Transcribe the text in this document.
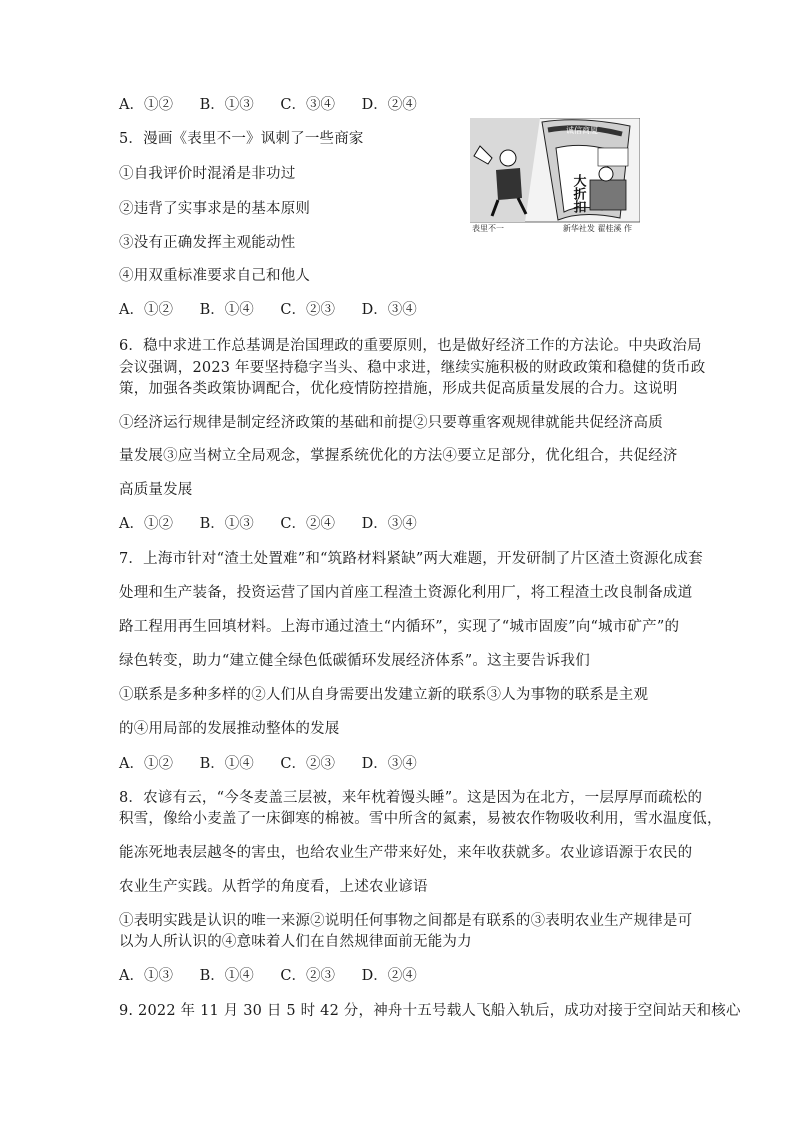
A．①② B．①③ C．③④ D．②④
5．漫画《表里不一》讽刺了一些商家
①自我评价时混淆是非功过
②违背了实事求是的基本原则
③没有正确发挥主观能动性
④用双重标准要求自己和他人
A．①② B．①④ C．②③ D．③④
诚信商厦
大折扣
表里不一	新华社发 翟桂溪 作
6．稳中求进工作总基调是治国理政的重要原则，也是做好经济工作的方法论。中央政治局
会议强调，2023 年要坚持稳字当头、稳中求进，继续实施积极的财政政策和稳健的货币政
策，加强各类政策协调配合，优化疫情防控措施，形成共促高质量发展的合力。这说明
①经济运行规律是制定经济政策的基础和前提②只要尊重客观规律就能共促经济高质
量发展③应当树立全局观念，掌握系统优化的方法④要立足部分，优化组合，共促经济
高质量发展
A．①② B．①③ C．②④ D．③④
7．上海市针对“渣土处置难”和“筑路材料紧缺”两大难题，开发研制了片区渣土资源化成套
处理和生产装备，投资运营了国内首座工程渣土资源化利用厂，将工程渣土改良制备成道
路工程用再生回填材料。上海市通过渣土“内循环”，实现了“城市固废”向“城市矿产”的
绿色转变，助力“建立健全绿色低碳循环发展经济体系”。这主要告诉我们
①联系是多种多样的②人们从自身需要出发建立新的联系③人为事物的联系是主观
的④用局部的发展推动整体的发展
A．①② B．①④ C．②③ D．③④
8．农谚有云，“今冬麦盖三层被，来年枕着馒头睡”。这是因为在北方，一层厚厚而疏松的
积雪，像给小麦盖了一床御寒的棉被。雪中所含的氮素，易被农作物吸收利用，雪水温度低，
能冻死地表层越冬的害虫，也给农业生产带来好处，来年收获就多。农业谚语源于农民的
农业生产实践。从哲学的角度看，上述农业谚语
①表明实践是认识的唯一来源②说明任何事物之间都是有联系的③表明农业生产规律是可
以为人所认识的④意味着人们在自然规律面前无能为力
A．①③ B．①④ C．②③ D．②④
9. 2022 年 11 月 30 日 5 时 42 分，神舟十五号载人飞船入轨后，成功对接于空间站天和核心
